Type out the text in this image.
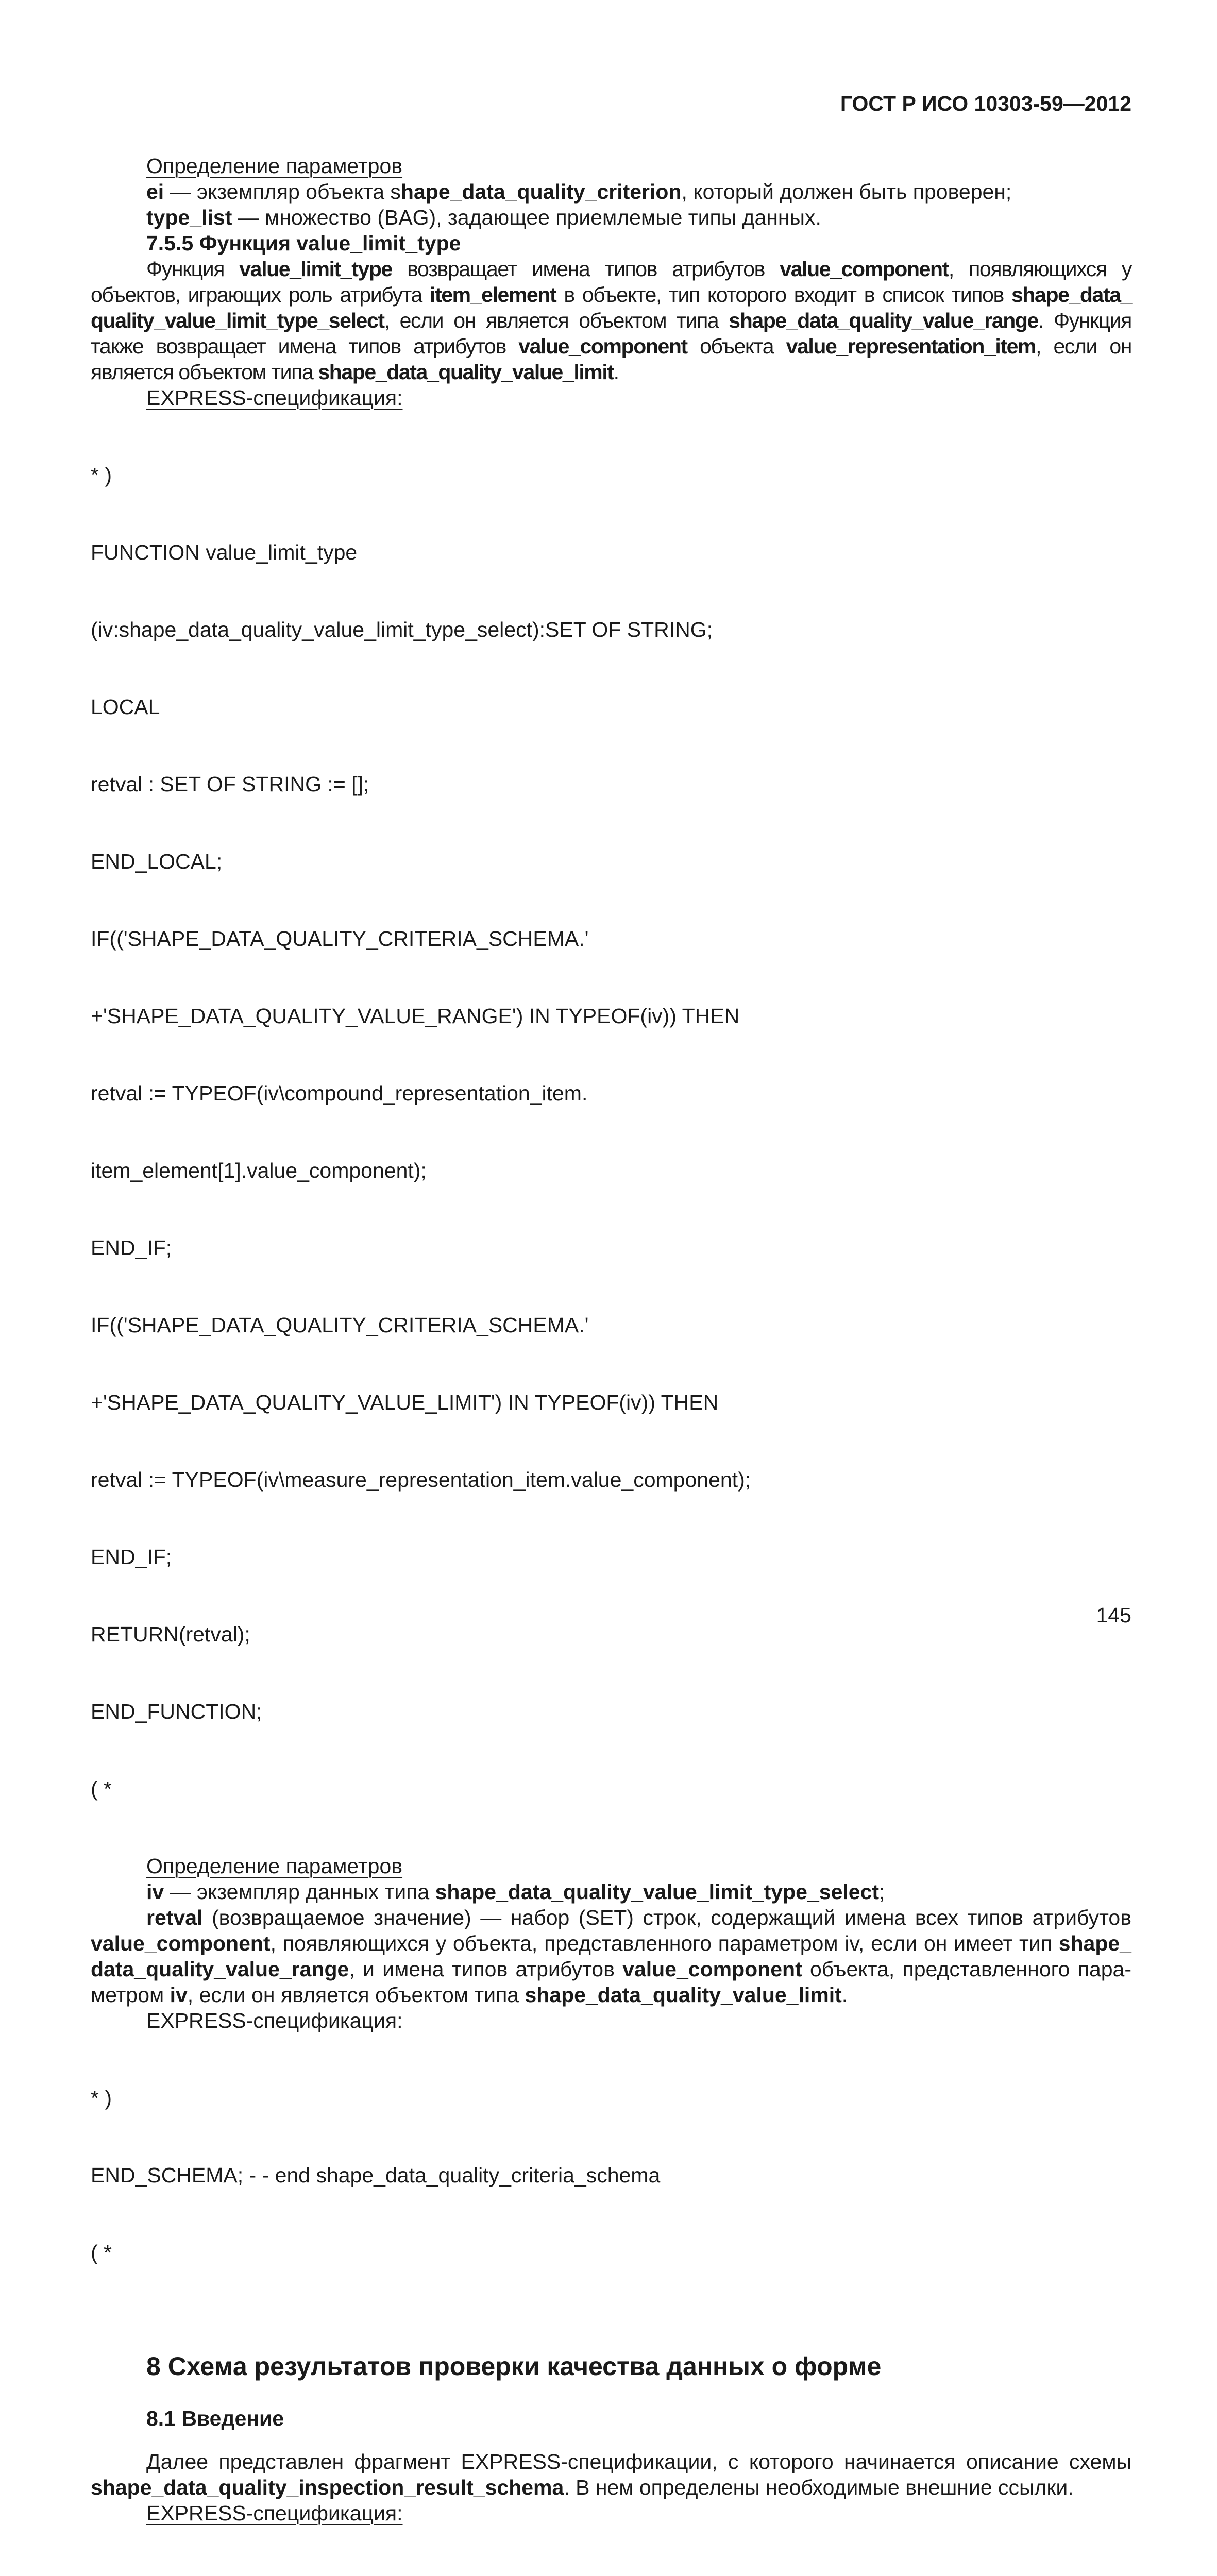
ГОСТ Р ИСО 10303-59—2012

Определение параметров

ei — экземпляр объекта shape_data_quality_criterion, который должен быть проверен;

type_list — множество (BAG), задающее приемлемые типы данных.

7.5.5 Функция value_limit_type

Функция value_limit_type возвращает имена типов атрибутов value_component, появляющихся у объектов, играющих роль атрибута item_element в объекте, тип которого входит в список типов shape_data_ quality_value_limit_type_select, если он является объектом типа shape_data_quality_value_range. Функция также возвращает имена типов атрибутов value_component объекта value_representation_item, если он является объектом типа shape_data_quality_value_limit.

EXPRESS-спецификация:

* )

FUNCTION value_limit_type

(iv:shape_data_quality_value_limit_type_select):SET OF STRING;

LOCAL

retval : SET OF STRING := [];

END_LOCAL;

IF(('SHAPE_DATA_QUALITY_CRITERIA_SCHEMA.'

+'SHAPE_DATA_QUALITY_VALUE_RANGE') IN TYPEOF(iv)) THEN

retval := TYPEOF(iv\compound_representation_item.

item_element[1].value_component);

END_IF;

IF(('SHAPE_DATA_QUALITY_CRITERIA_SCHEMA.'

+'SHAPE_DATA_QUALITY_VALUE_LIMIT') IN TYPEOF(iv)) THEN

retval := TYPEOF(iv\measure_representation_item.value_component);

END_IF;

RETURN(retval);

END_FUNCTION;

( *

Определение параметров

iv — экземпляр данных типа shape_data_quality_value_limit_type_select;

retval (возвращаемое значение) — набор (SET) строк, содержащий имена всех типов атрибутов value_component, появляющихся у объекта, представленного параметром iv, если он имеет тип shape_ data_quality_value_range, и имена типов атрибутов value_component объекта, представленного пара-метром iv, если он является объектом типа shape_data_quality_value_limit.

EXPRESS-спецификация:

* )

END_SCHEMA; - - end shape_data_quality_criteria_schema

( *

8 Схема результатов проверки качества данных о форме
8.1 Введение

Далее представлен фрагмент EXPRESS-спецификации, с которого начинается описание схемы shape_data_quality_inspection_result_schema. В нем определены необходимые внешние ссылки.

EXPRESS-спецификация:

145
